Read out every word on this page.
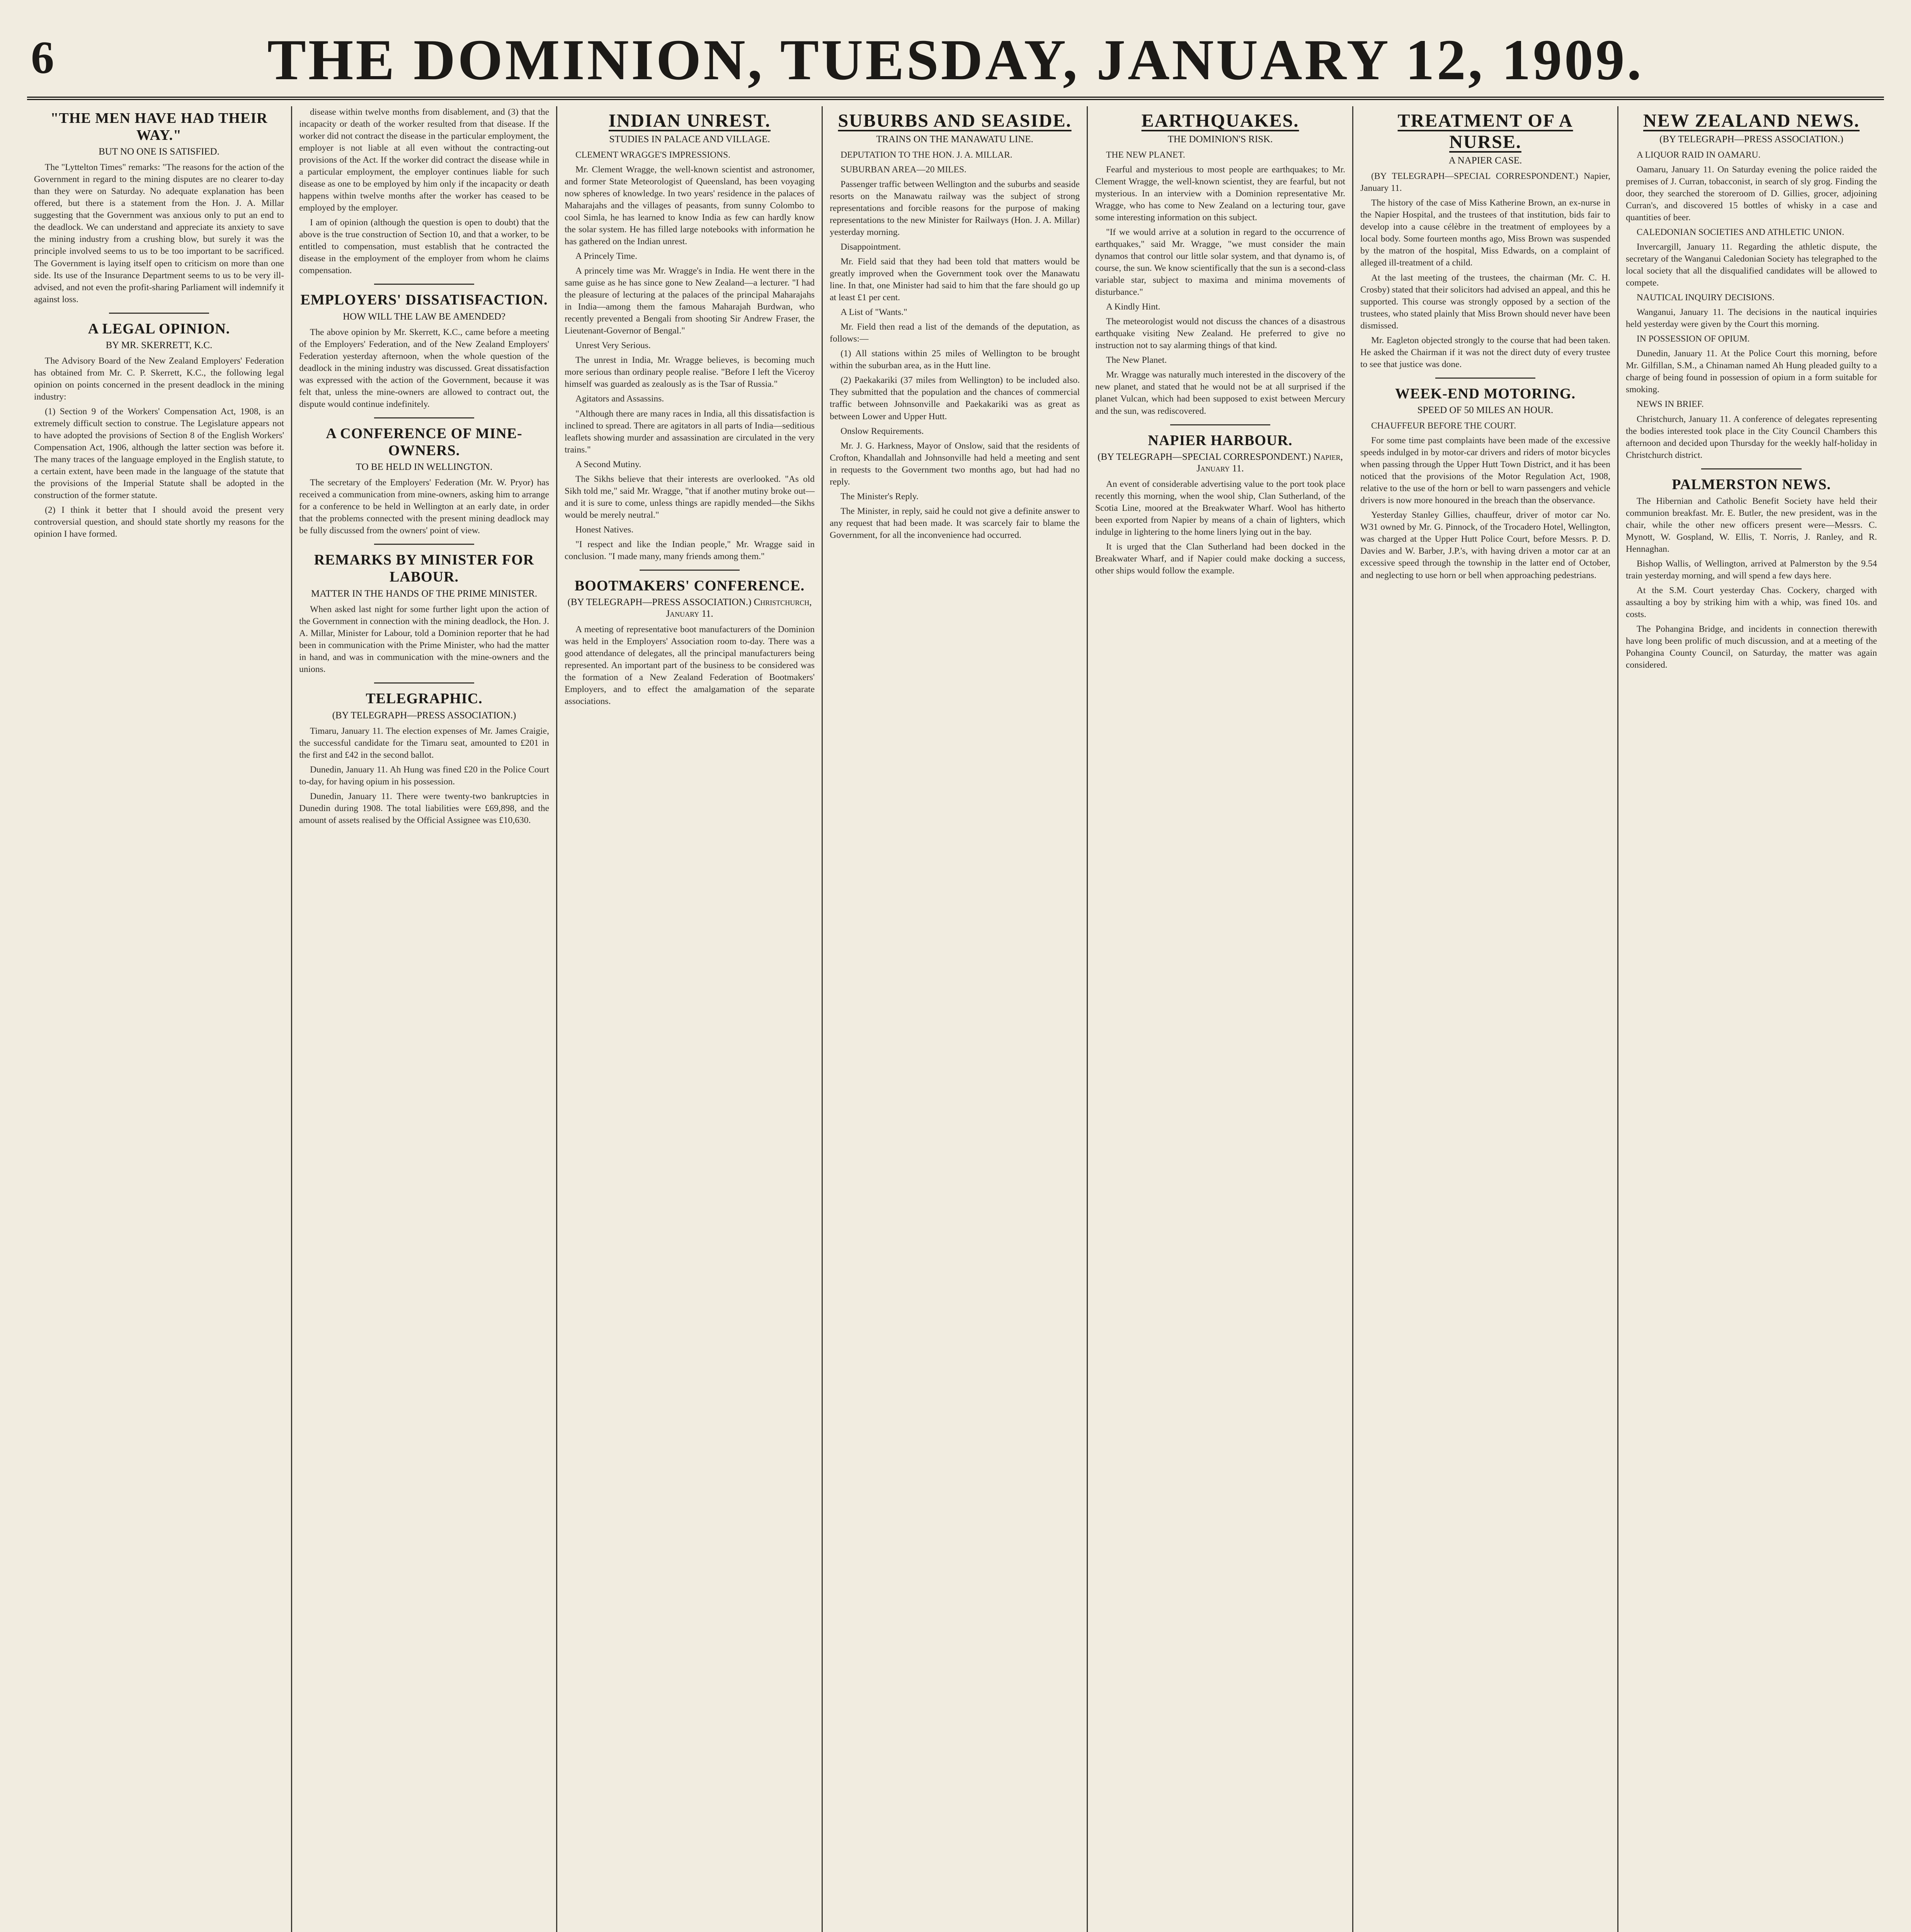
6	THE DOMINION, TUESDAY, JANUARY 12, 1909.
"THE MEN HAVE HAD THEIR WAY."
BUT NO ONE IS SATISFIED.

The "Lyttelton Times" remarks: "The reasons for the action of the Government in regard to the mining disputes are no clearer to-day than they were on Saturday. No adequate explanation has been offered, but there is a statement from the Hon. J. A. Millar suggesting that the Government was anxious only to put an end to the deadlock. We can understand and appreciate its anxiety to save the mining industry from a crushing blow, but surely it was the principle involved seems to us to be too important to be sacrificed. The Government is laying itself open to criticism on more than one side. Its use of the Insurance Department seems to us to be very ill-advised, and not even the profit-sharing Parliament will indemnify it against loss.

A LEGAL OPINION.
BY MR. SKERRETT, K.C.

The Advisory Board of the New Zealand Employers' Federation has obtained from Mr. C. P. Skerrett, K.C., the following legal opinion on points concerned in the present deadlock in the mining industry:

(1) Section 9 of the Workers' Compensation Act, 1908, is an extremely difficult section to construe. The Legislature appears not to have adopted the provisions of Section 8 of the English Workers' Compensation Act, 1906, although the latter section was before it. The many traces of the language employed in the English statute, to a certain extent, have been made in the language of the statute that the provisions of the Imperial Statute shall be adopted in the construction of the former statute.

(2) I think it better that I should avoid the present very controversial question, and should state shortly my reasons for the opinion I have formed.

disease within twelve months from disablement, and (3) that the incapacity or death of the worker resulted from that disease. If the worker did not contract the disease in the particular employment, the employer is not liable at all even without the contracting-out provisions of the Act. If the worker did contract the disease while in a particular employment, the employer continues liable for such disease as one to be employed by him only if the incapacity or death happens within twelve months after the worker has ceased to be employed by the employer.

I am of opinion (although the question is open to doubt) that the above is the true construction of Section 10, and that a worker, to be entitled to compensation, must establish that he contracted the disease in the employment of the employer from whom he claims compensation.

EMPLOYERS' DISSATISFACTION.
HOW WILL THE LAW BE AMENDED?

The above opinion by Mr. Skerrett, K.C., came before a meeting of the Employers' Federation, and of the New Zealand Employers' Federation yesterday afternoon, when the whole question of the deadlock in the mining industry was discussed. Great dissatisfaction was expressed with the action of the Government, because it was felt that, unless the mine-owners are allowed to contract out, the dispute would continue indefinitely.

A CONFERENCE OF MINE-OWNERS.
TO BE HELD IN WELLINGTON.

The secretary of the Employers' Federation (Mr. W. Pryor) has received a communication from mine-owners, asking him to arrange for a conference to be held in Wellington at an early date, in order that the problems connected with the present mining deadlock may be fully discussed from the owners' point of view.

REMARKS BY MINISTER FOR LABOUR.
MATTER IN THE HANDS OF THE PRIME MINISTER.

When asked last night for some further light upon the action of the Government in connection with the mining deadlock, the Hon. J. A. Millar, Minister for Labour, told a Dominion reporter that he had been in communication with the Prime Minister, who had the matter in hand, and was in communication with the mine-owners and the unions.

TELEGRAPHIC.
(BY TELEGRAPH—PRESS ASSOCIATION.)

Timaru, January 11. The election expenses of Mr. James Craigie, the successful candidate for the Timaru seat, amounted to £201 in the first and £42 in the second ballot.

Dunedin, January 11. Ah Hung was fined £20 in the Police Court to-day, for having opium in his possession.

Dunedin, January 11. There were twenty-two bankruptcies in Dunedin during 1908. The total liabilities were £69,898, and the amount of assets realised by the Official Assignee was £10,630.

INDIAN UNREST.
STUDIES IN PALACE AND VILLAGE.

CLEMENT WRAGGE'S IMPRESSIONS.

Mr. Clement Wragge, the well-known scientist and astronomer, and former State Meteorologist of Queensland, has been voyaging now spheres of knowledge. In two years' residence in the palaces of Maharajahs and the villages of peasants, from sunny Colombo to cool Simla, he has learned to know India as few can hardly know the solar system. He has filled large notebooks with information he has gathered on the Indian unrest.

A Princely Time.

A princely time was Mr. Wragge's in India. He went there in the same guise as he has since gone to New Zealand—a lecturer. "I had the pleasure of lecturing at the palaces of the principal Maharajahs in India—among them the famous Maharajah Burdwan, who recently prevented a Bengali from shooting Sir Andrew Fraser, the Lieutenant-Governor of Bengal."

Unrest Very Serious.

The unrest in India, Mr. Wragge believes, is becoming much more serious than ordinary people realise. "Before I left the Viceroy himself was guarded as zealously as is the Tsar of Russia."

Agitators and Assassins.

"Although there are many races in India, all this dissatisfaction is inclined to spread. There are agitators in all parts of India—seditious leaflets showing murder and assassination are circulated in the very trains."

A Second Mutiny.

The Sikhs believe that their interests are overlooked. "As old Sikh told me," said Mr. Wragge, "that if another mutiny broke out—and it is sure to come, unless things are rapidly mended—the Sikhs would be merely neutral."

Honest Natives.

"I respect and like the Indian people," Mr. Wragge said in conclusion. "I made many, many friends among them."

BOOTMAKERS' CONFERENCE.
(BY TELEGRAPH—PRESS ASSOCIATION.) Christchurch, January 11.

A meeting of representative boot manufacturers of the Dominion was held in the Employers' Association room to-day. There was a good attendance of delegates, all the principal manufacturers being represented. An important part of the business to be considered was the formation of a New Zealand Federation of Bootmakers' Employers, and to effect the amalgamation of the separate associations.

SUBURBS AND SEASIDE.
TRAINS ON THE MANAWATU LINE.

DEPUTATION TO THE HON. J. A. MILLAR.

SUBURBAN AREA—20 MILES.

Passenger traffic between Wellington and the suburbs and seaside resorts on the Manawatu railway was the subject of strong representations and forcible reasons for the purpose of making representations to the new Minister for Railways (Hon. J. A. Millar) yesterday morning.

Disappointment.

Mr. Field said that they had been told that matters would be greatly improved when the Government took over the Manawatu line. In that, one Minister had said to him that the fare should go up at least £1 per cent.

A List of "Wants."

Mr. Field then read a list of the demands of the deputation, as follows:—

(1) All stations within 25 miles of Wellington to be brought within the suburban area, as in the Hutt line.

(2) Paekakariki (37 miles from Wellington) to be included also. They submitted that the population and the chances of commercial traffic between Johnsonville and Paekakariki was as great as between Lower and Upper Hutt.

Onslow Requirements.

Mr. J. G. Harkness, Mayor of Onslow, said that the residents of Crofton, Khandallah and Johnsonville had held a meeting and sent in requests to the Government two months ago, but had had no reply.

The Minister's Reply.

The Minister, in reply, said he could not give a definite answer to any request that had been made. It was scarcely fair to blame the Government, for all the inconvenience had occurred.

EARTHQUAKES.
THE DOMINION'S RISK.

THE NEW PLANET.

Fearful and mysterious to most people are earthquakes; to Mr. Clement Wragge, the well-known scientist, they are fearful, but not mysterious. In an interview with a Dominion representative Mr. Wragge, who has come to New Zealand on a lecturing tour, gave some interesting information on this subject.

"If we would arrive at a solution in regard to the occurrence of earthquakes," said Mr. Wragge, "we must consider the main dynamos that control our little solar system, and that dynamo is, of course, the sun. We know scientifically that the sun is a second-class variable star, subject to maxima and minima movements of disturbance."

A Kindly Hint.

The meteorologist would not discuss the chances of a disastrous earthquake visiting New Zealand. He preferred to give no instruction not to say alarming things of that kind.

The New Planet.

Mr. Wragge was naturally much interested in the discovery of the new planet, and stated that he would not be at all surprised if the planet Vulcan, which had been supposed to exist between Mercury and the sun, was rediscovered.

NAPIER HARBOUR.
(BY TELEGRAPH—SPECIAL CORRESPONDENT.) Napier, January 11.

An event of considerable advertising value to the port took place recently this morning, when the wool ship, Clan Sutherland, of the Scotia Line, moored at the Breakwater Wharf. Wool has hitherto been exported from Napier by means of a chain of lighters, which indulge in lightering to the home liners lying out in the bay.

It is urged that the Clan Sutherland had been docked in the Breakwater Wharf, and if Napier could make docking a success, other ships would follow the example.

TREATMENT OF A NURSE.
A NAPIER CASE.

(BY TELEGRAPH—SPECIAL CORRESPONDENT.) Napier, January 11.

The history of the case of Miss Katherine Brown, an ex-nurse in the Napier Hospital, and the trustees of that institution, bids fair to develop into a cause célèbre in the treatment of employees by a local body. Some fourteen months ago, Miss Brown was suspended by the matron of the hospital, Miss Edwards, on a complaint of alleged ill-treatment of a child.

At the last meeting of the trustees, the chairman (Mr. C. H. Crosby) stated that their solicitors had advised an appeal, and this he supported. This course was strongly opposed by a section of the trustees, who stated plainly that Miss Brown should never have been dismissed.

Mr. Eagleton objected strongly to the course that had been taken. He asked the Chairman if it was not the direct duty of every trustee to see that justice was done.

WEEK-END MOTORING.
SPEED OF 50 MILES AN HOUR.

CHAUFFEUR BEFORE THE COURT.

For some time past complaints have been made of the excessive speeds indulged in by motor-car drivers and riders of motor bicycles when passing through the Upper Hutt Town District, and it has been noticed that the provisions of the Motor Regulation Act, 1908, relative to the use of the horn or bell to warn passengers and vehicle drivers is now more honoured in the breach than the observance.

Yesterday Stanley Gillies, chauffeur, driver of motor car No. W31 owned by Mr. G. Pinnock, of the Trocadero Hotel, Wellington, was charged at the Upper Hutt Police Court, before Messrs. P. D. Davies and W. Barber, J.P.'s, with having driven a motor car at an excessive speed through the township in the latter end of October, and neglecting to use horn or bell when approaching pedestrians.

NEW ZEALAND NEWS.
(BY TELEGRAPH—PRESS ASSOCIATION.)

A LIQUOR RAID IN OAMARU.

Oamaru, January 11. On Saturday evening the police raided the premises of J. Curran, tobacconist, in search of sly grog. Finding the door, they searched the storeroom of D. Gillies, grocer, adjoining Curran's, and discovered 15 bottles of whisky in a case and quantities of beer.

CALEDONIAN SOCIETIES AND ATHLETIC UNION.

Invercargill, January 11. Regarding the athletic dispute, the secretary of the Wanganui Caledonian Society has telegraphed to the local society that all the disqualified candidates will be allowed to compete.

NAUTICAL INQUIRY DECISIONS.

Wanganui, January 11. The decisions in the nautical inquiries held yesterday were given by the Court this morning.

IN POSSESSION OF OPIUM.

Dunedin, January 11. At the Police Court this morning, before Mr. Gilfillan, S.M., a Chinaman named Ah Hung pleaded guilty to a charge of being found in possession of opium in a form suitable for smoking.

NEWS IN BRIEF.

Christchurch, January 11. A conference of delegates representing the bodies interested took place in the City Council Chambers this afternoon and decided upon Thursday for the weekly half-holiday in Christchurch district.

PALMERSTON NEWS.

The Hibernian and Catholic Benefit Society have held their communion breakfast. Mr. E. Butler, the new president, was in the chair, while the other new officers present were—Messrs. C. Mynott, W. Gospland, W. Ellis, T. Norris, J. Ranley, and R. Hennaghan.

Bishop Wallis, of Wellington, arrived at Palmerston by the 9.54 train yesterday morning, and will spend a few days here.

At the S.M. Court yesterday Chas. Cockery, charged with assaulting a boy by striking him with a whip, was fined 10s. and costs.

The Pohangina Bridge, and incidents in connection therewith have long been prolific of much discussion, and at a meeting of the Pohangina County Council, on Saturday, the matter was again considered.
